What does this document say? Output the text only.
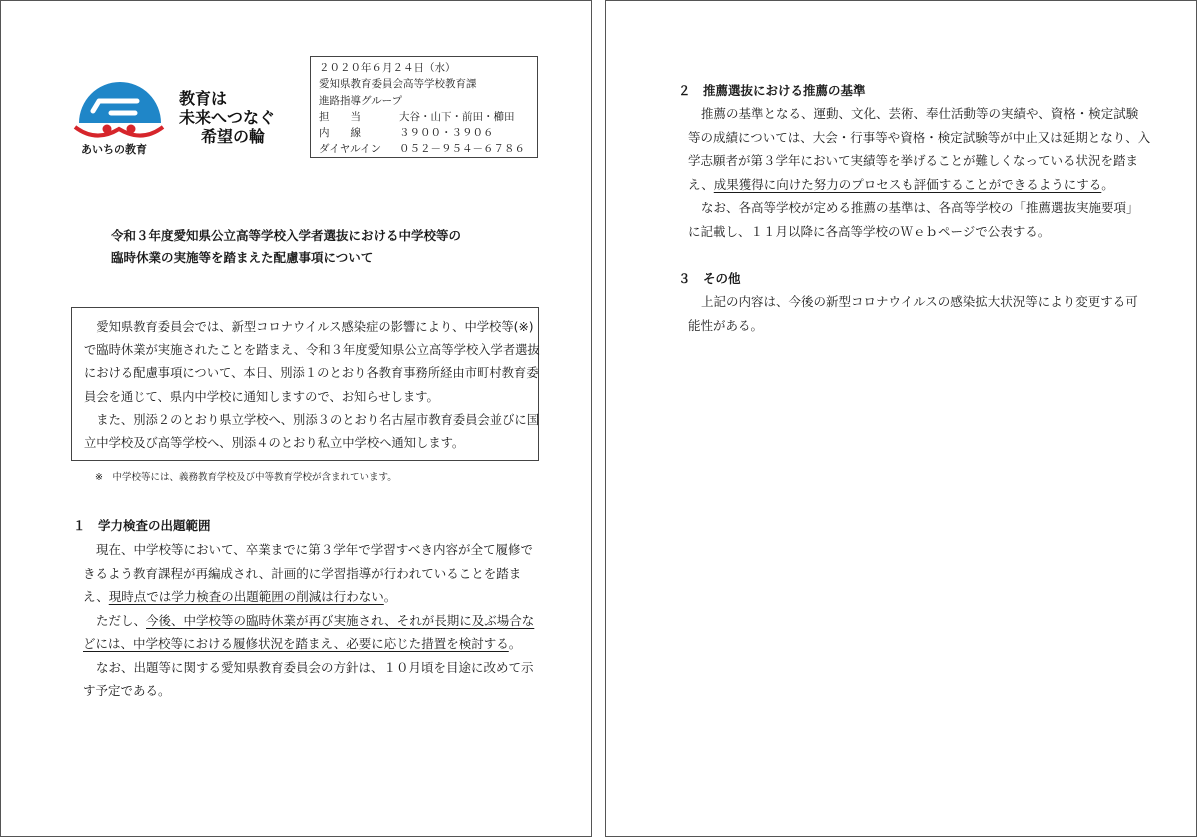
あいちの教育
教育は
未来へつなぐ
希望の輪
２０２０年６月２４日（水）
愛知県教育委員会高等学校教育課
進路指導グループ
担　　当	大谷・山下・前田・櫛田
内　　線	３９００・３９０６
ダイヤルイン ０５２－９５４－６７８６
令和３年度愛知県公立高等学校入学者選抜における中学校等の
臨時休業の実施等を踏まえた配慮事項について
　愛知県教育委員会では、新型コロナウイルス感染症の影響により、中学校等(※)
で臨時休業が実施されたことを踏まえ、令和３年度愛知県公立高等学校入学者選抜
における配慮事項について、本日、別添１のとおり各教育事務所経由市町村教育委
員会を通じて、県内中学校に通知しますので、お知らせします。
　また、別添２のとおり県立学校へ、別添３のとおり名古屋市教育委員会並びに国
立中学校及び高等学校へ、別添４のとおり私立中学校へ通知します。
※　中学校等には、義務教育学校及び中等教育学校が含まれています。
１　学力検査の出題範囲
現在、中学校等において、卒業までに第３学年で学習すべき内容が全て履修で
きるよう教育課程が再編成され、計画的に学習指導が行われていることを踏ま
え、現時点では学力検査の出題範囲の削減は行わない。
ただし、今後、中学校等の臨時休業が再び実施され、それが長期に及ぶ場合な
どには、中学校等における履修状況を踏まえ、必要に応じた措置を検討する。
なお、出題等に関する愛知県教育委員会の方針は、１０月頃を目途に改めて示
す予定である。
２　推薦選抜における推薦の基準
推薦の基準となる、運動、文化、芸術、奉仕活動等の実績や、資格・検定試験
等の成績については、大会・行事等や資格・検定試験等が中止又は延期となり、入
学志願者が第３学年において実績等を挙げることが難しくなっている状況を踏ま
え、成果獲得に向けた努力のプロセスも評価することができるようにする。
なお、各高等学校が定める推薦の基準は、各高等学校の「推薦選抜実施要項」
に記載し、１１月以降に各高等学校のＷｅｂページで公表する。
３　その他
上記の内容は、今後の新型コロナウイルスの感染拡大状況等により変更する可
能性がある。
